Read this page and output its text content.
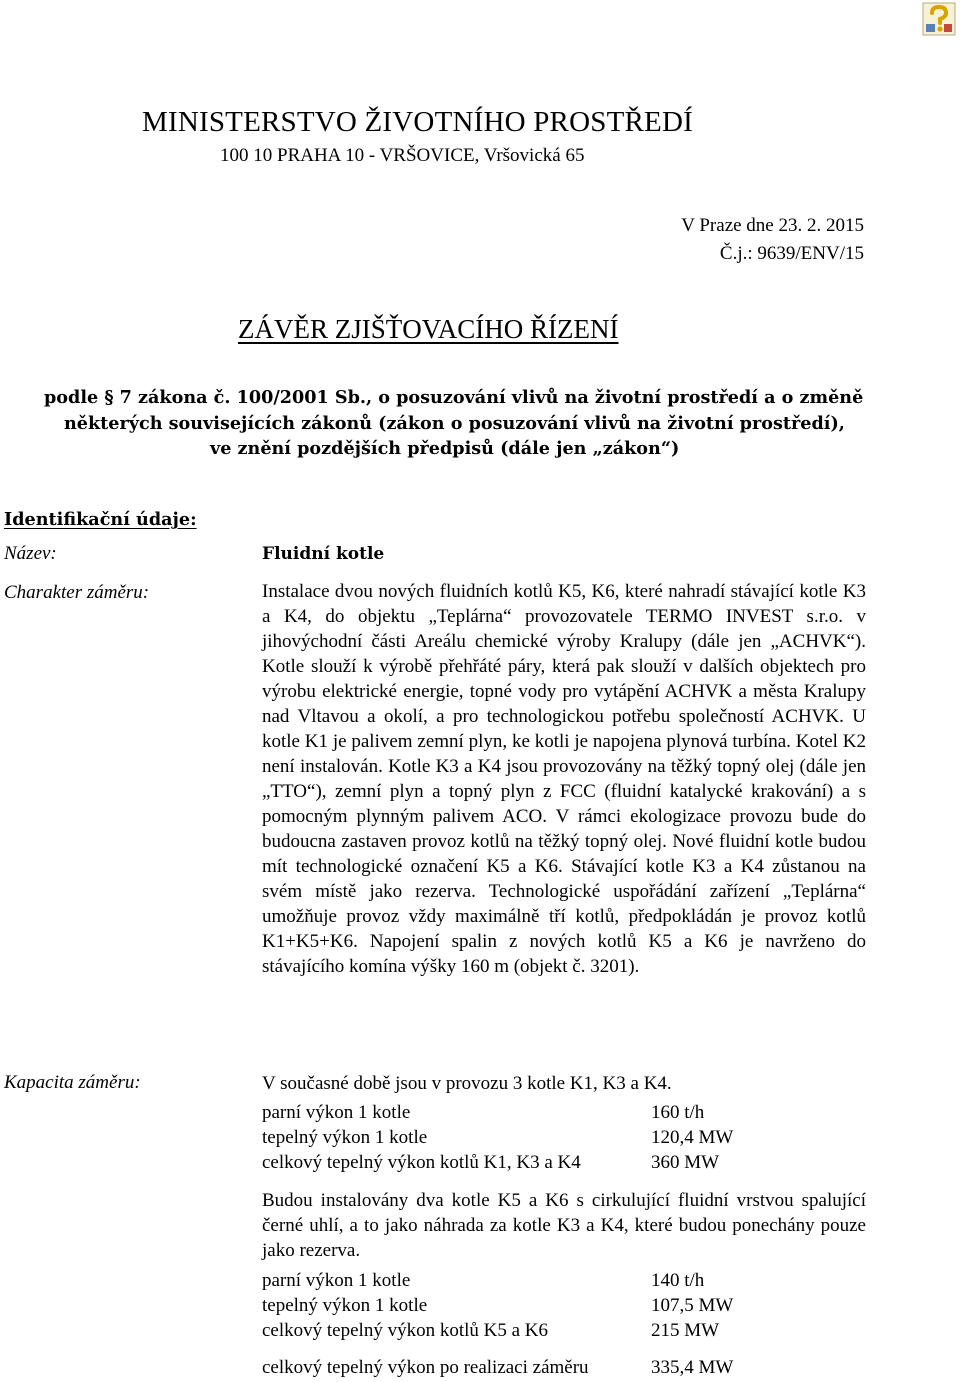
MINISTERSTVO ŽIVOTNÍHO PROSTŘEDÍ
100 10 PRAHA 10 - VRŠOVICE, Vršovická 65
V Praze dne 23. 2. 2015
Č.j.: 9639/ENV/15
ZÁVĚR ZJIŠŤOVACÍHO ŘÍZENÍ
podle § 7 zákona č. 100/2001 Sb., o posuzování vlivů na životní prostředí a o změně
některých souvisejících zákonů (zákon o posuzování vlivů na životní prostředí),
ve znění pozdějších předpisů (dále jen „zákon“)
Identifikační údaje:
Název:	Fluidní kotle
Charakter záměru:	Instalace dvou nových fluidních kotlů K5, K6, které nahradí stávající kotle K3 a K4, do objektu „Teplárna“ provozovatele TERMO INVEST s.r.o. v jihovýchodní části Areálu chemické výroby Kralupy (dále jen „ACHVK“). Kotle slouží k výrobě přehřáté páry, která pak slouží v dalších objektech pro výrobu elektrické energie, topné vody pro vytápění ACHVK a města Kralupy nad Vltavou a okolí, a pro technologickou potřebu společností ACHVK. U kotle K1 je palivem zemní plyn, ke kotli je napojena plynová turbína. Kotel K2 není instalován. Kotle K3 a K4 jsou provozovány na těžký topný olej (dále jen „TTO“), zemní plyn a topný plyn z FCC (fluidní katalycké krakování) a s pomocným plynným palivem ACO. V rámci ekologizace provozu bude do budoucna zastaven provoz kotlů na těžký topný olej. Nové fluidní kotle budou mít technologické označení K5 a K6. Stávající kotle K3 a K4 zůstanou na svém místě jako rezerva. Technologické uspořádání zařízení „Teplárna“ umožňuje provoz vždy maximálně tří kotlů, předpokládán je provoz kotlů K1+K5+K6. Napojení spalin z nových kotlů K5 a K6 je navrženo do stávajícího komína výšky 160 m (objekt č. 3201).
Kapacita záměru:	V současné době jsou v provozu 3 kotle K1, K3 a K4.
parní výkon 1 kotle	160 t/h
tepelný výkon 1 kotle	120,4 MW
celkový tepelný výkon kotlů K1, K3 a K4	360 MW
Budou instalovány dva kotle K5 a K6 s cirkulující fluidní vrstvou spalující černé uhlí, a to jako náhrada za kotle K3 a K4, které budou ponechány pouze jako rezerva.
parní výkon 1 kotle	140 t/h
tepelný výkon 1 kotle	107,5 MW
celkový tepelný výkon kotlů K5 a K6	215 MW
celkový tepelný výkon po realizaci záměru	335,4 MW
